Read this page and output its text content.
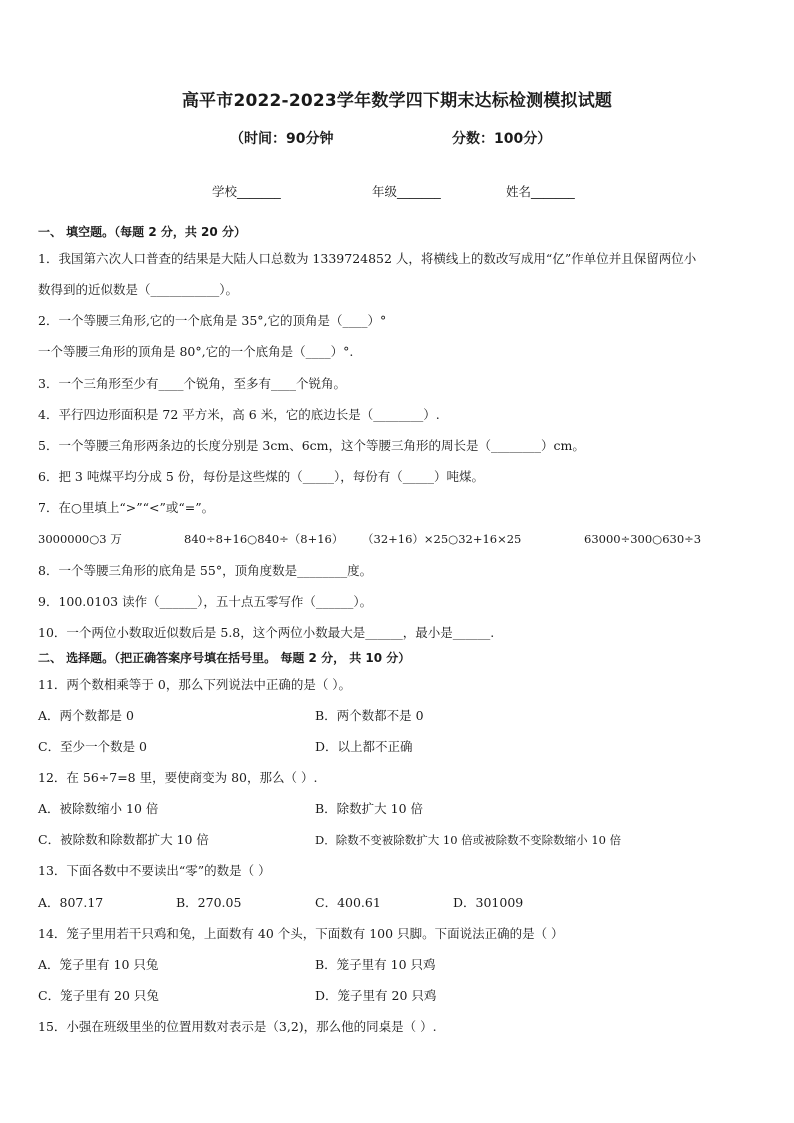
高平市2022-2023学年数学四下期末达标检测模拟试题
（时间：90分钟	分数：100分）
学校_______	年级_______	姓名_______
一、 填空题。（每题 2 分，共 20 分）
1．我国第六次人口普查的结果是大陆人口总数为 1339724852 人，将横线上的数改写成用“亿”作单位并且保留两位小
数得到的近似数是（___________）。
2．一个等腰三角形,它的一个底角是 35°,它的顶角是（____）°
一个等腰三角形的顶角是 80°,它的一个底角是（____）°.
3．一个三角形至少有____个锐角，至多有____个锐角。
4．平行四边形面积是 72 平方米，高 6 米，它的底边长是（________）.
5．一个等腰三角形两条边的长度分别是 3cm、6cm，这个等腰三角形的周长是（________）cm。
6．把 3 吨煤平均分成 5 份，每份是这些煤的（_____），每份有（_____）吨煤。
7．在○里填上“>”“<”或“=”。
3000000○3 万	840÷8+16○840÷（8+16） （32+16）×25○32+16×25	63000÷300○630÷3
8．一个等腰三角形的底角是 55°，顶角度数是________度。
9．100.0103 读作（______），五十点五零写作（______）。
10．一个两位小数取近似数后是 5.8，这个两位小数最大是______，最小是______.
二、 选择题。（把正确答案序号填在括号里。 每题 2 分， 共 10 分）
11．两个数相乘等于 0，那么下列说法中正确的是（ ）。
A．两个数都是 0	B．两个数都不是 0
C．至少一个数是 0	D．以上都不正确
12．在 56÷7=8 里，要使商变为 80，那么（ ）.
A．被除数缩小 10 倍	B．除数扩大 10 倍
C．被除数和除数都扩大 10 倍	D．除数不变被除数扩大 10 倍或被除数不变除数缩小 10 倍
13．下面各数中不要读出“零”的数是（ ）
A．807.17	B．270.05	C．400.61	D．301009
14．笼子里用若干只鸡和兔，上面数有 40 个头，下面数有 100 只脚。下面说法正确的是（ ）
A．笼子里有 10 只兔	B．笼子里有 10 只鸡
C．笼子里有 20 只兔	D．笼子里有 20 只鸡
15．小强在班级里坐的位置用数对表示是（3,2)，那么他的同桌是（ ）.
